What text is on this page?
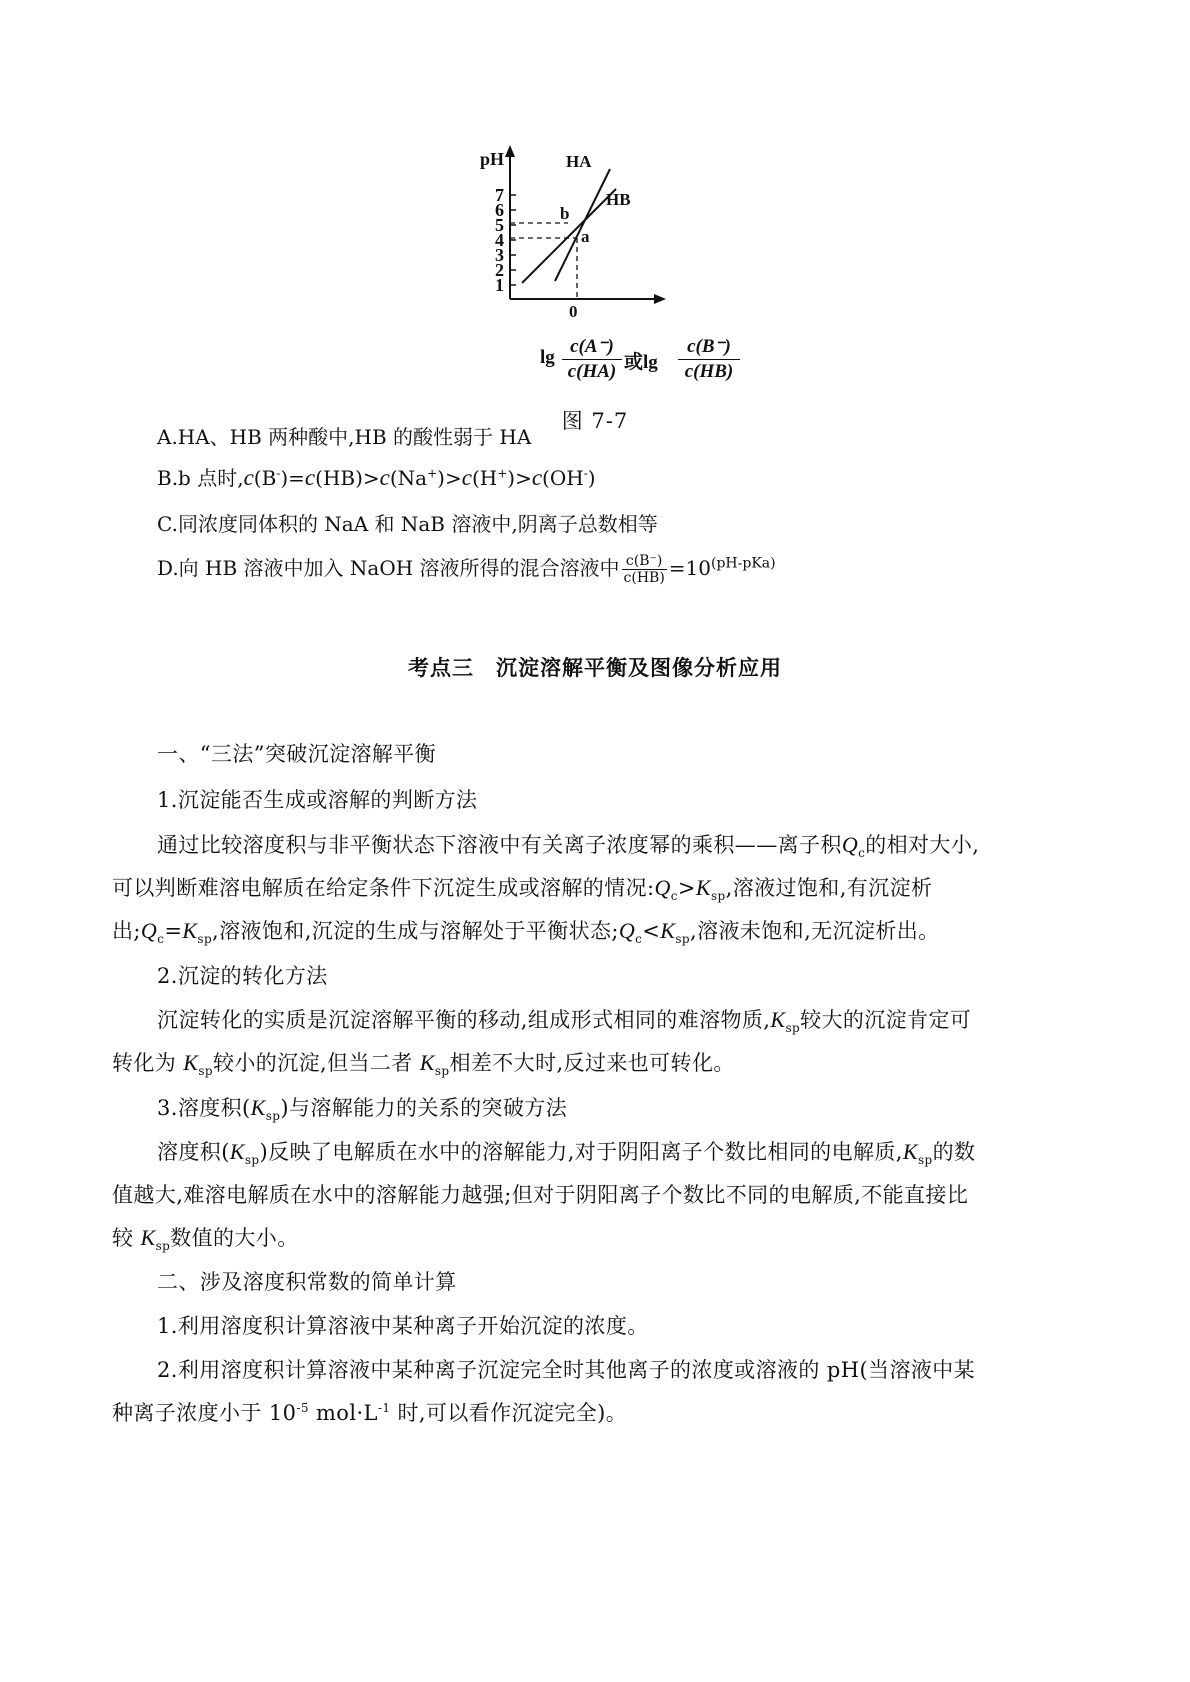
pH
1
2
3
4
5
6
7
HA
HB
b
a
0
$\lg \frac{c(A^-)}{c(HA)}$ 或$\lg \frac{c(B^-)}{c(HB)}$
图 7-7
A.HA、HB 两种酸中,HB 的酸性弱于 HA
B.b 点时,c(B-)=c(HB)>c(Na+)>c(H+)>c(OH-)
C.同浓度同体积的 NaA 和 NaB 溶液中,阴离子总数相等
D.向 HB 溶液中加入 NaOH 溶液所得的混合溶液中 $\frac{c(B^-)}{c(HB)} =10^{(pH-pKa)}$
考点三　沉淀溶解平衡及图像分析应用
一、“三法”突破沉淀溶解平衡
1.沉淀能否生成或溶解的判断方法
通过比较溶度积与非平衡状态下溶液中有关离子浓度幂的乘积——离子积$Q_c$的相对大小,
可以判断难溶电解质在给定条件下沉淀生成或溶解的情况$:Q_c>K_{sp}$,溶液过饱和,有沉淀析
出$;Q_c=K_{sp}$,溶液饱和,沉淀的生成与溶解处于平衡状态$;Q_c<K_{sp}$,溶液未饱和,无沉淀析出。
2.沉淀的转化方法
沉淀转化的实质是沉淀溶解平衡的移动,组成形式相同的难溶物质$,K_{sp}$较大的沉淀肯定可
转化为 $K_{sp}$较小的沉淀,但当二者 $K_{sp}$相差不大时,反过来也可转化。
3.溶度积$(K_{sp})$与溶解能力的关系的突破方法
溶度积$(K_{sp})$反映了电解质在水中的溶解能力,对于阴阳离子个数比相同的电解质$,K_{sp}$的数
值越大,难溶电解质在水中的溶解能力越强;但对于阴阳离子个数比不同的电解质,不能直接比
较 $K_{sp}$数值的大小。
二、涉及溶度积常数的简单计算
1.利用溶度积计算溶液中某种离子开始沉淀的浓度。
2.利用溶度积计算溶液中某种离子沉淀完全时其他离子的浓度或溶液的 pH(当溶液中某
种离子浓度小于 $10^{-5}$ $mol\cdot L^{-1}$ 时,可以看作沉淀完全)。
